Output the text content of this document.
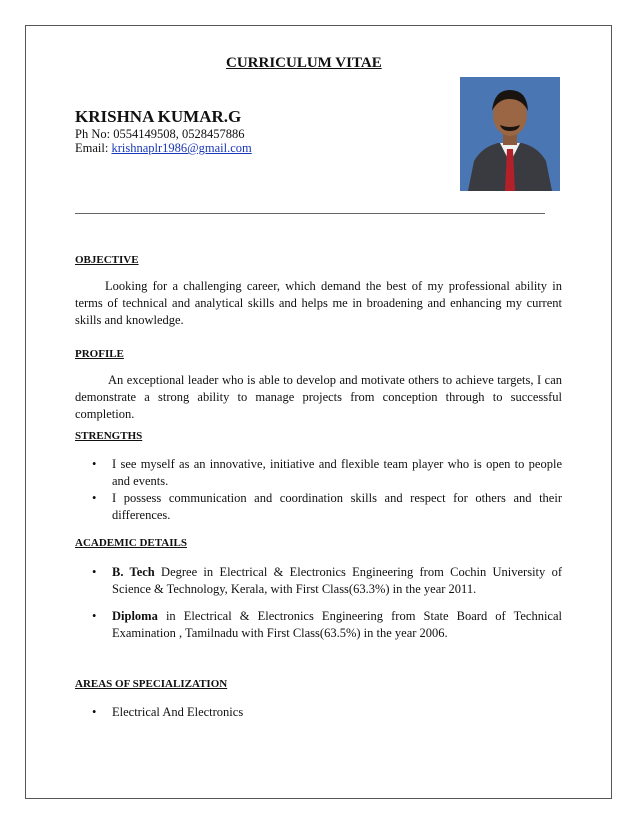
CURRICULUM VITAE
KRISHNA KUMAR.G
Ph No: 0554149508, 0528457886
Email: krishnaplr1986@gmail.com
OBJECTIVE
Looking for a challenging career, which demand the best of my professional ability in terms of technical and analytical skills and helps me in broadening and enhancing my current skills and knowledge.
PROFILE
An exceptional leader who is able to develop and motivate others to achieve targets, I can demonstrate a strong ability to manage projects from conception through to successful completion.
STRENGTHS
• I see myself as an innovative, initiative and flexible team player who is open to people and events.
• I possess communication and coordination skills and respect for others and their differences.
ACADEMIC DETAILS
• B. Tech Degree in Electrical & Electronics Engineering from Cochin University of Science & Technology, Kerala, with First Class(63.3%) in the year 2011.
• Diploma in Electrical & Electronics Engineering from State Board of Technical Examination , Tamilnadu with First Class(63.5%) in the year 2006.
AREAS OF SPECIALIZATION
• Electrical And Electronics
